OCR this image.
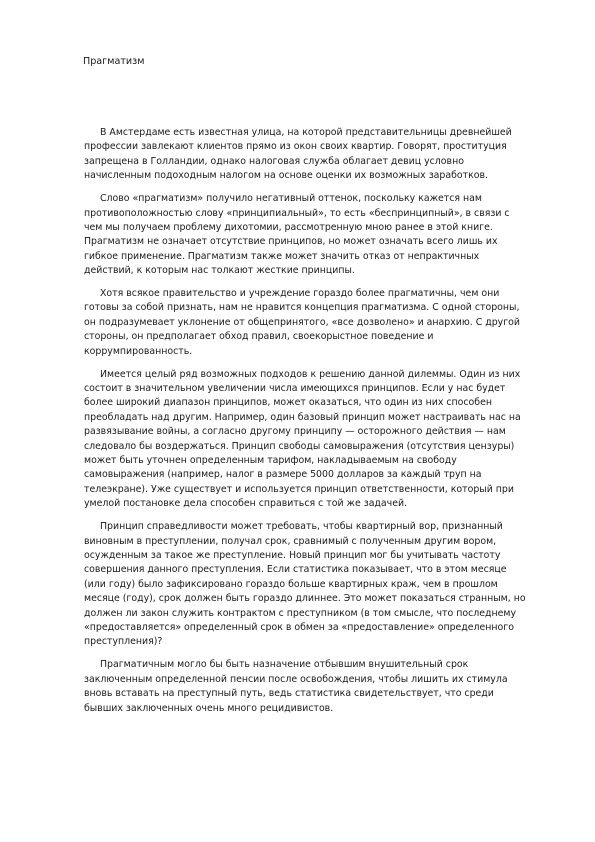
Прагматизм

В Амстердаме есть известная улица, на которой представительницы древнейшей профессии завлекают клиентов прямо из окон своих квартир. Говорят, проституция запрещена в Голландии, однако налоговая служба облагает девиц условно начисленным подоходным налогом на основе оценки их возможных заработков.

Слово «прагматизм» получило негативный оттенок, поскольку кажется нам противоположностью слову «принципиальный», то есть «беспринципный», в связи с чем мы получаем проблему дихотомии, рассмотренную мною ранее в этой книге. Прагматизм не означает отсутствие принципов, но может означать всего лишь их гибкое применение. Прагматизм также может значить отказ от непрактичных действий, к которым нас толкают жесткие принципы.

Хотя всякое правительство и учреждение гораздо более прагматичны, чем они готовы за собой признать, нам не нравится концепция прагматизма. С одной стороны, он подразумевает уклонение от общепринятого, «все дозволено» и анархию. С другой стороны, он предполагает обход правил, своекорыстное поведение и коррумпированность.

Имеется целый ряд возможных подходов к решению данной дилеммы. Один из них состоит в значительном увеличении числа имеющихся принципов. Если у нас будет более широкий диапазон принципов, может оказаться, что один из них способен преобладать над другим. Например, один базовый принцип может настраивать нас на развязывание войны, а согласно другому принципу — осторожного действия — нам следовало бы воздержаться. Принцип свободы самовыражения (отсутствия цензуры) может быть уточнен определенным тарифом, накладываемым на свободу самовыражения (например, налог в размере 5000 долларов за каждый труп на телеэкране). Уже существует и используется принцип ответственности, который при умелой постановке дела способен справиться с той же задачей.

Принцип справедливости может требовать, чтобы квартирный вор, признанный виновным в преступлении, получал срок, сравнимый с полученным другим вором, осужденным за такое же преступление. Новый принцип мог бы учитывать частоту совершения данного преступления. Если статистика показывает, что в этом месяце (или году) было зафиксировано гораздо больше квартирных краж, чем в прошлом месяце (году), срок должен быть гораздо длиннее. Это может показаться странным, но должен ли закон служить контрактом с преступником (в том смысле, что последнему «предоставляется» определенный срок в обмен за «предоставление» определенного преступления)?

Прагматичным могло бы быть назначение отбывшим внушительный срок заключенным определенной пенсии после освобождения, чтобы лишить их стимула вновь вставать на преступный путь, ведь статистика свидетельствует, что среди бывших заключенных очень много рецидивистов.
